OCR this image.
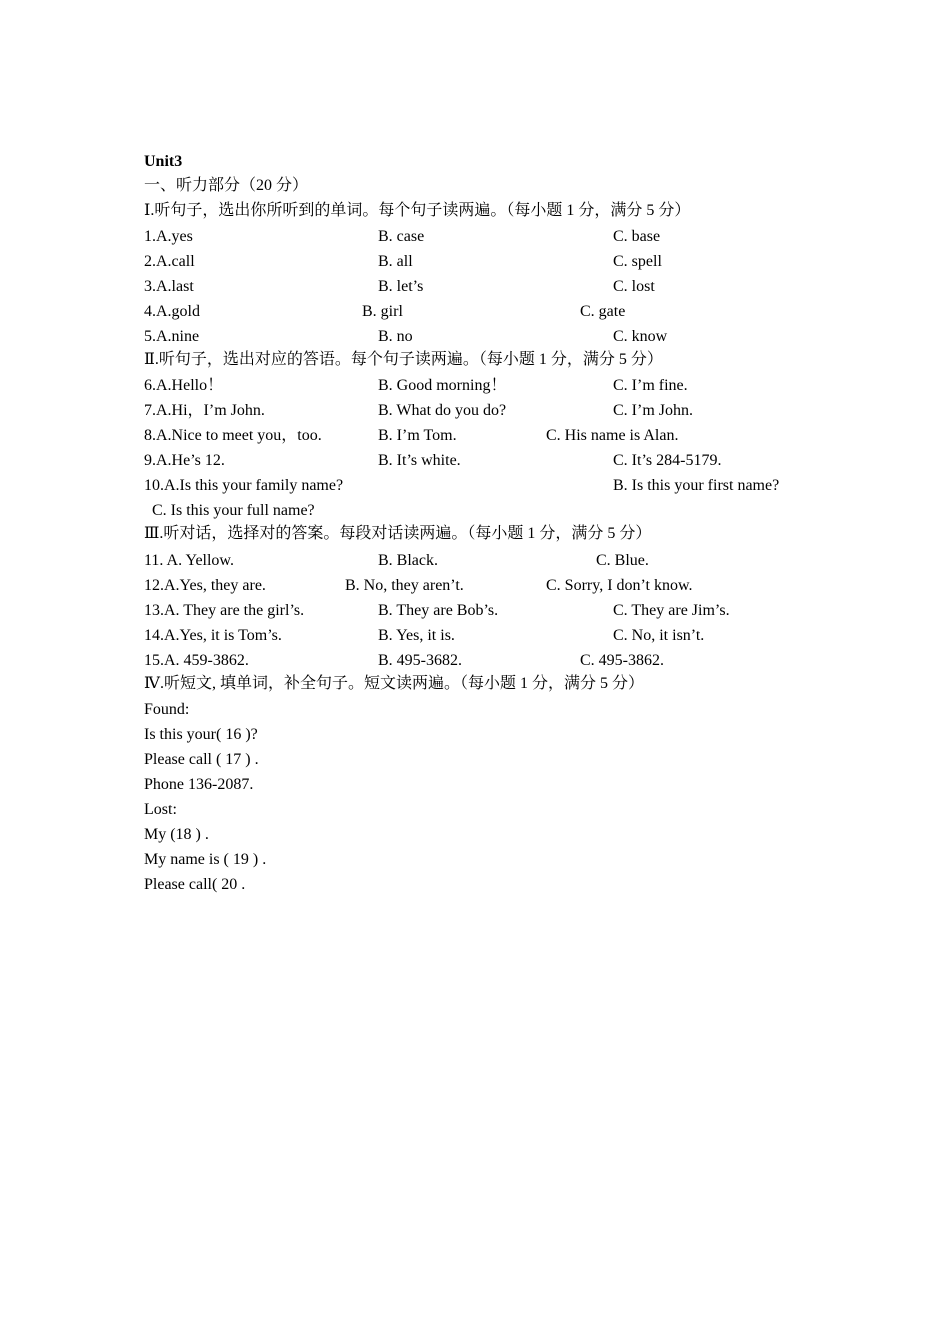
Unit3
一、听力部分（20 分）
Ⅰ.听句子，选出你所听到的单词。每个句子读两遍。（每小题 1 分，满分 5 分）
1.A.yes	B. case	C. base
2.A.call	B. all	C. spell
3.A.last	B. let’s	C. lost
4.A.gold	B. girl	C. gate
5.A.nine	B. no	C. know
Ⅱ.听句子，选出对应的答语。每个句子读两遍。（每小题 1 分，满分 5 分）
6.A.Hello！	B. Good morning！	C. I’m fine.
7.A.Hi，I’m John.	B. What do you do?	C. I’m John.
8.A.Nice to meet you，too.	B. I’m Tom.	C. His name is Alan.
9.A.He’s 12.	B. It’s white.	C. It’s 284-5179.
10.A.Is this your family name?	B. Is this your first name?
C. Is this your full name?
Ⅲ.听对话，选择对的答案。每段对话读两遍。（每小题 1 分，满分 5 分）
11. A. Yellow.	B. Black.	C. Blue.
12.A.Yes, they are.	B. No, they aren’t.	C. Sorry, I don’t know.
13.A. They are the girl’s.	B. They are Bob’s.	C. They are Jim’s.
14.A.Yes, it is Tom’s.	B. Yes, it is.	C. No, it isn’t.
15.A. 459-3862.	B. 495-3682.	C. 495-3862.
Ⅳ.听短文, 填单词，补全句子。短文读两遍。（每小题 1 分，满分 5 分）
Found:
Is this your( 16 )?
Please call ( 17 ) .
Phone 136-2087.
Lost:
My (18 ) .
My name is ( 19 ) .
Please call( 20 .
